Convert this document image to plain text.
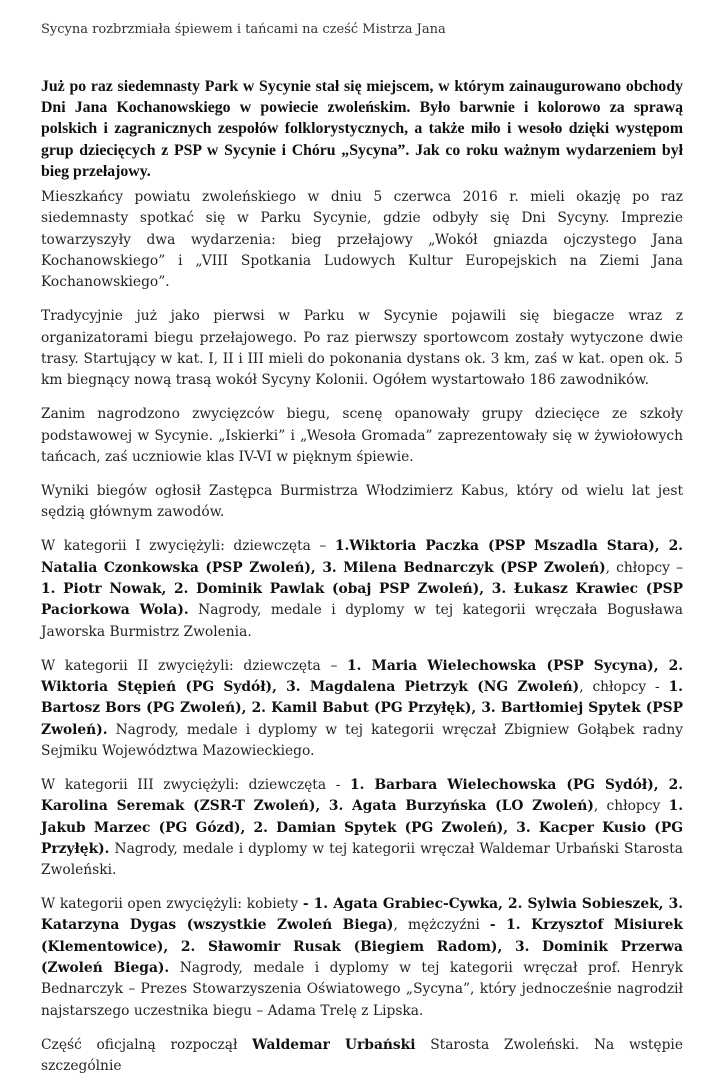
Sycyna rozbrzmiała śpiewem i tańcami na cześć Mistrza Jana

Już po raz siedemnasty Park w Sycynie stał się miejscem, w którym zainaugurowano obchody Dni Jana Kochanowskiego w powiecie zwoleńskim. Było barwnie i kolorowo za sprawą polskich i zagranicznych zespołów folklorystycznych, a także miło i wesoło dzięki występom grup dziecięcych z PSP w Sycynie i Chóru „Sycyna”. Jak co roku ważnym wydarzeniem był bieg przełajowy.

Mieszkańcy powiatu zwoleńskiego w dniu 5 czerwca 2016 r. mieli okazję po raz siedemnasty spotkać się w Parku Sycynie, gdzie odbyły się Dni Sycyny. Imprezie towarzyszyły dwa wydarzenia: bieg przełajowy „Wokół gniazda ojczystego Jana Kochanowskiego” i „VIII Spotkania Ludowych Kultur Europejskich na Ziemi Jana Kochanowskiego”.

Tradycyjnie już jako pierwsi w Parku w Sycynie pojawili się biegacze wraz z organizatorami biegu przełajowego. Po raz pierwszy sportowcom zostały wytyczone dwie trasy. Startujący w kat. I, II i III mieli do pokonania dystans ok. 3 km, zaś w kat. open ok. 5 km biegnący nową trasą wokół Sycyny Kolonii. Ogółem wystartowało 186 zawodników.

Zanim nagrodzono zwycięzców biegu, scenę opanowały grupy dziecięce ze szkoły podstawowej w Sycynie. „Iskierki” i „Wesoła Gromada” zaprezentowały się w żywiołowych tańcach, zaś uczniowie klas IV-VI w pięknym śpiewie.

Wyniki biegów ogłosił Zastępca Burmistrza Włodzimierz Kabus, który od wielu lat jest sędzią głównym zawodów.

W kategorii I zwyciężyli: dziewczęta – 1.Wiktoria Paczka (PSP Mszadla Stara), 2. Natalia Czonkowska (PSP Zwoleń), 3. Milena Bednarczyk (PSP Zwoleń), chłopcy – 1. Piotr Nowak, 2. Dominik Pawlak (obaj PSP Zwoleń), 3. Łukasz Krawiec (PSP Paciorkowa Wola). Nagrody, medale i dyplomy w tej kategorii wręczała Bogusława Jaworska Burmistrz Zwolenia.

W kategorii II zwyciężyli: dziewczęta – 1. Maria Wielechowska (PSP Sycyna), 2. Wiktoria Stępień (PG Sydół), 3. Magdalena Pietrzyk (NG Zwoleń), chłopcy - 1. Bartosz Bors (PG Zwoleń), 2. Kamil Babut (PG Przyłęk), 3. Bartłomiej Spytek (PSP Zwoleń). Nagrody, medale i dyplomy w tej kategorii wręczał Zbigniew Gołąbek radny Sejmiku Województwa Mazowieckiego.

W kategorii III zwyciężyli: dziewczęta - 1. Barbara Wielechowska (PG Sydół), 2. Karolina Seremak (ZSR-T Zwoleń), 3. Agata Burzyńska (LO Zwoleń), chłopcy 1. Jakub Marzec (PG Gózd), 2. Damian Spytek (PG Zwoleń), 3. Kacper Kusio (PG Przyłęk). Nagrody, medale i dyplomy w tej kategorii wręczał Waldemar Urbański Starosta Zwoleński.

W kategorii open zwyciężyli: kobiety - 1. Agata Grabiec-Cywka, 2. Sylwia Sobieszek, 3. Katarzyna Dygas (wszystkie Zwoleń Biega), mężczyźni - 1. Krzysztof Misiurek (Klementowice), 2. Sławomir Rusak (Biegiem Radom), 3. Dominik Przerwa (Zwoleń Biega). Nagrody, medale i dyplomy w tej kategorii wręczał prof. Henryk Bednarczyk – Prezes Stowarzyszenia Oświatowego „Sycyna”, który jednocześnie nagrodził najstarszego uczestnika biegu – Adama Trelę z Lipska.

Część oficjalną rozpoczął Waldemar Urbański Starosta Zwoleński. Na wstępie szczególnie
